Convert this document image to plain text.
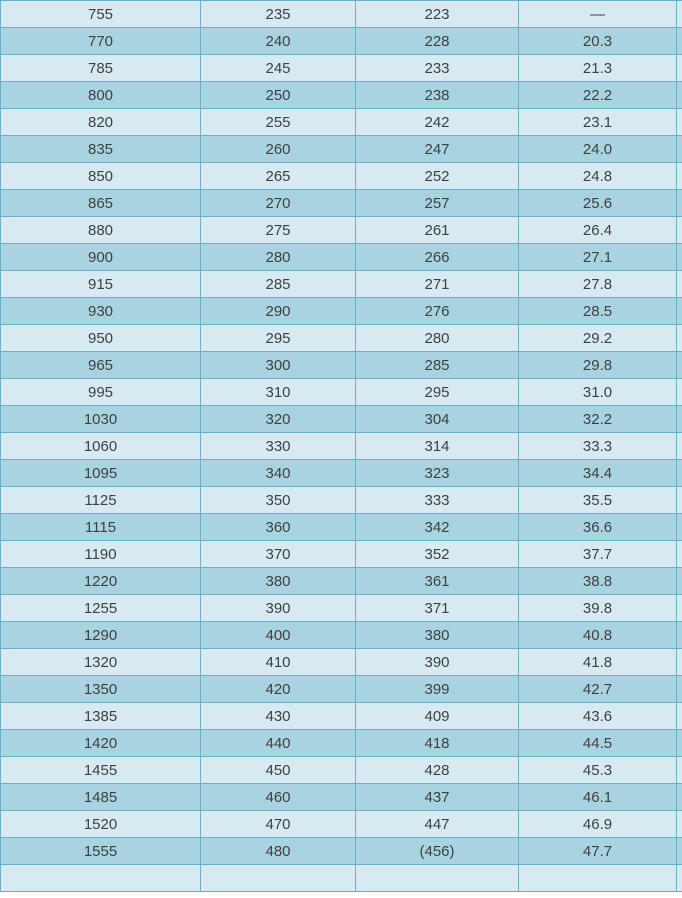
755	235	223	—	
770	240	228	20.3	
785	245	233	21.3	
800	250	238	22.2	
820	255	242	23.1	
835	260	247	24.0	
850	265	252	24.8	
865	270	257	25.6	
880	275	261	26.4	
900	280	266	27.1	
915	285	271	27.8	
930	290	276	28.5	
950	295	280	29.2	
965	300	285	29.8	
995	310	295	31.0	
1030	320	304	32.2	
1060	330	314	33.3	
1095	340	323	34.4	
1125	350	333	35.5	
1115	360	342	36.6	
1190	370	352	37.7	
1220	380	361	38.8	
1255	390	371	39.8	
1290	400	380	40.8	
1320	410	390	41.8	
1350	420	399	42.7	
1385	430	409	43.6	
1420	440	418	44.5	
1455	450	428	45.3	
1485	460	437	46.1	
1520	470	447	46.9	
1555	480	(456)	47.7	
